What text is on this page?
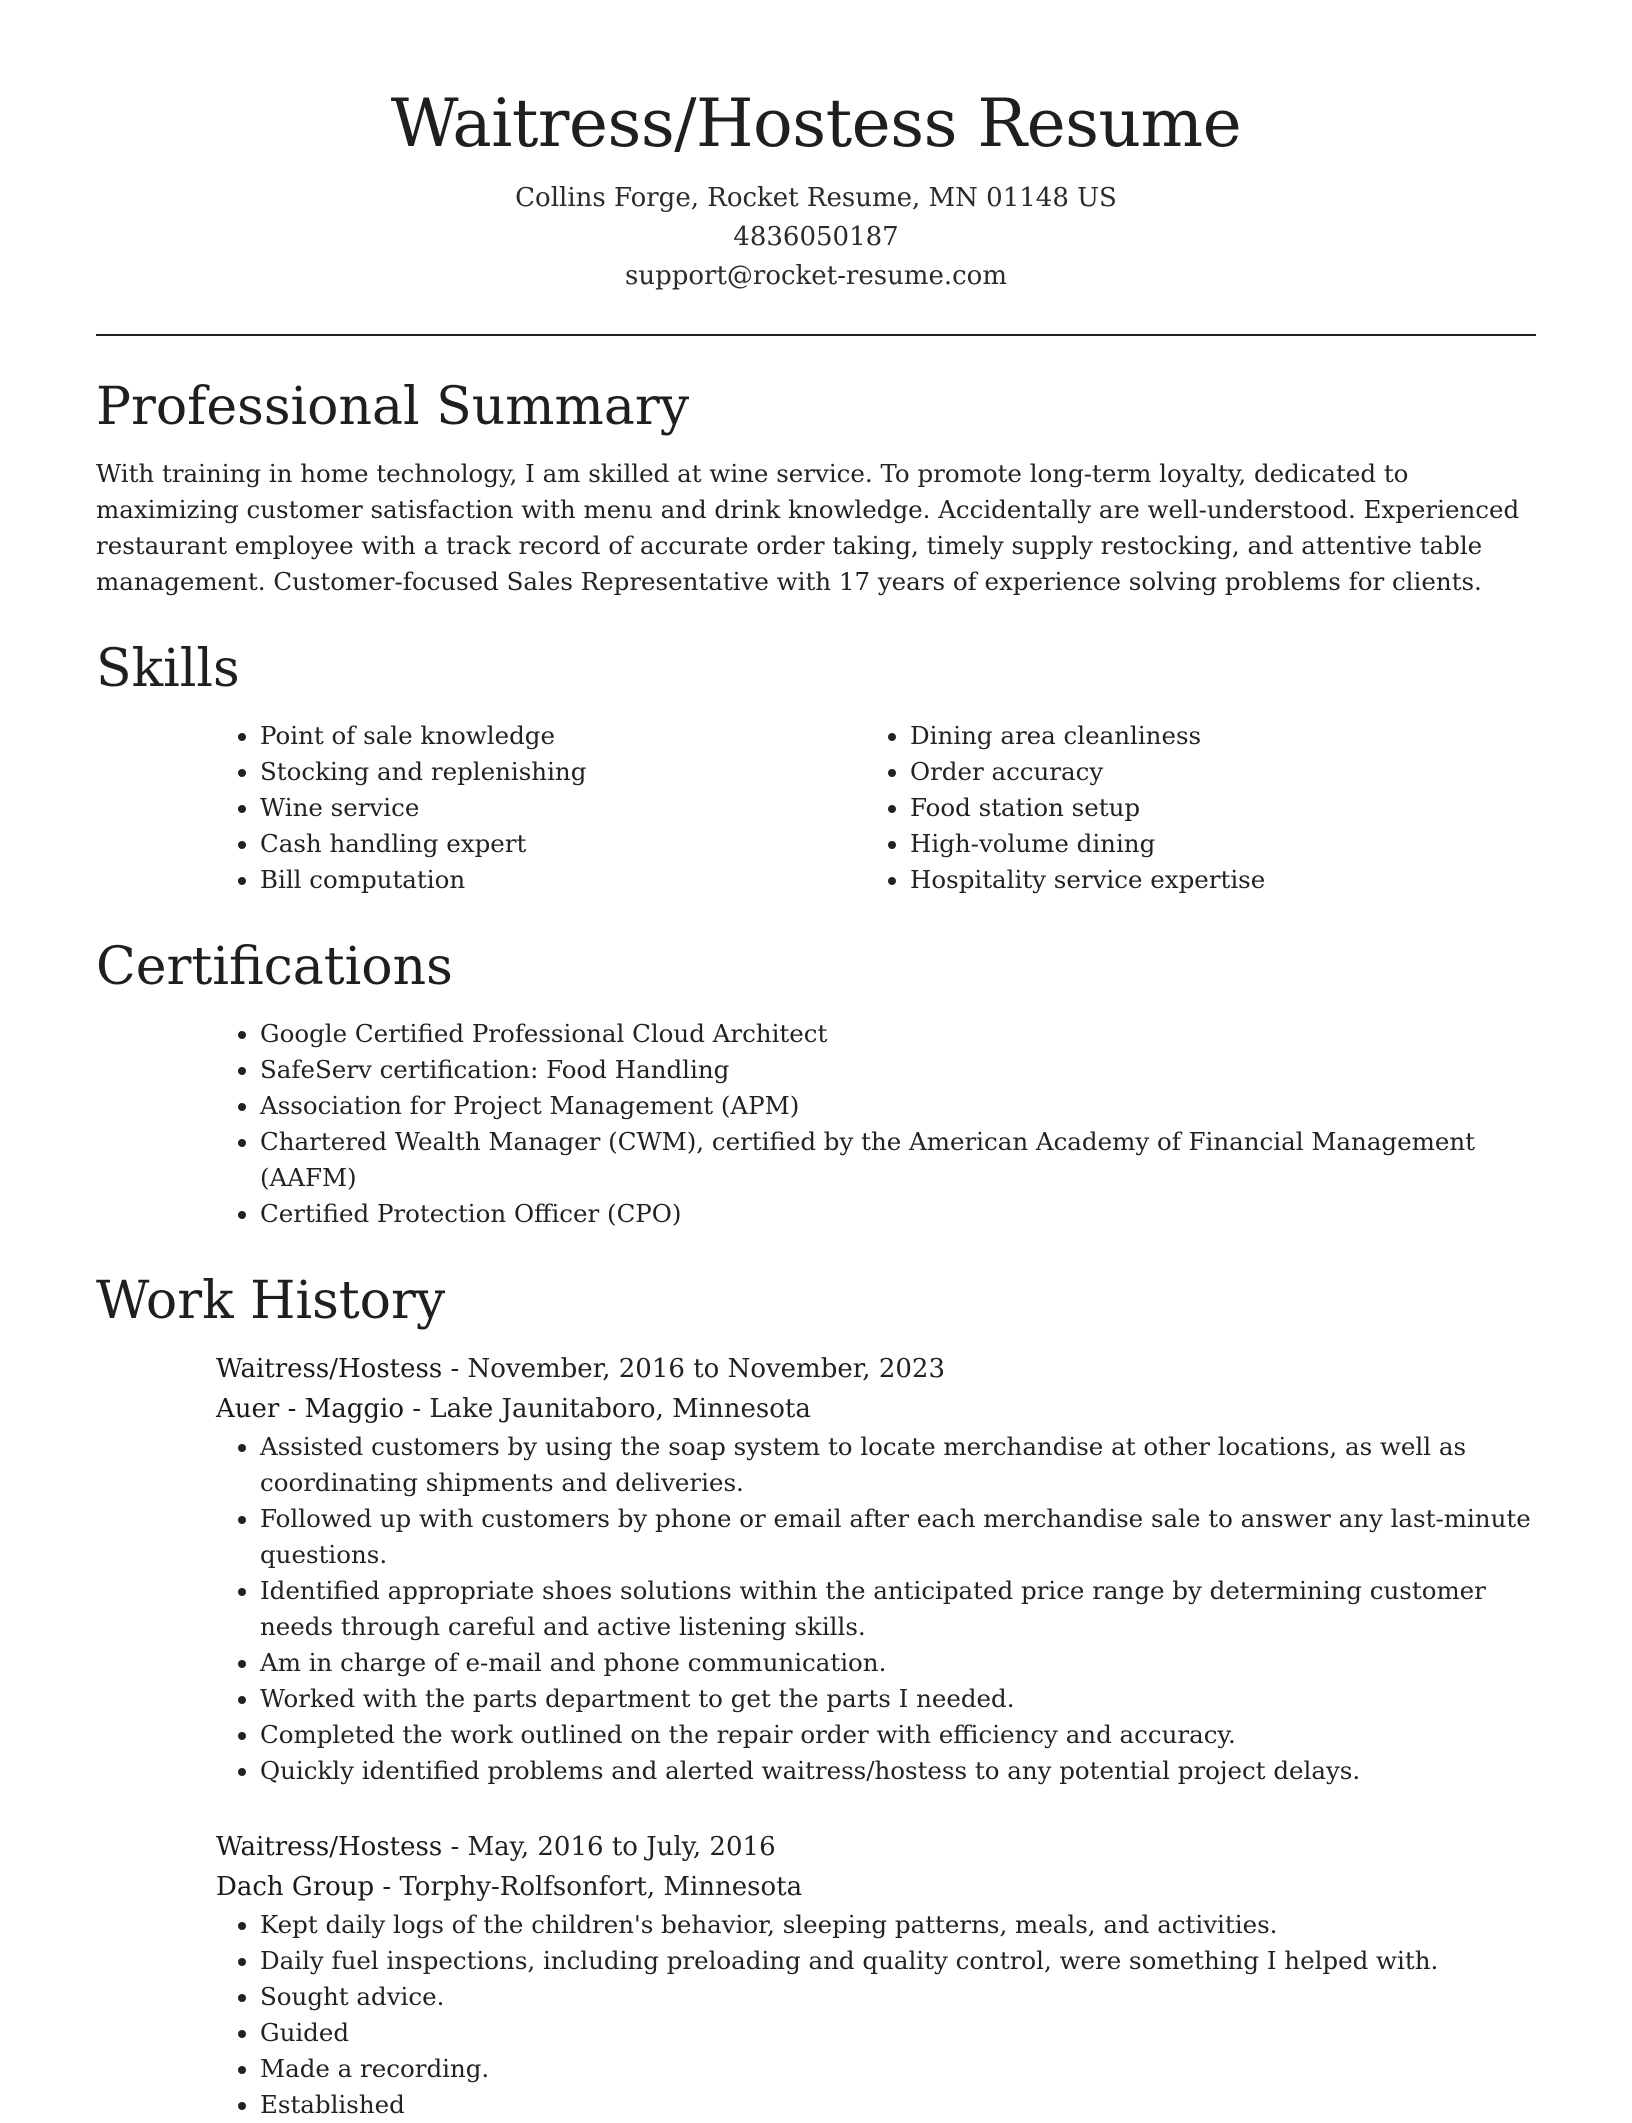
Waitress/Hostess Resume
Collins Forge, Rocket Resume, MN 01148 US
4836050187
support@rocket-resume.com
Professional Summary

With training in home technology, I am skilled at wine service. To promote long-term loyalty, dedicated to maximizing customer satisfaction with menu and drink knowledge. Accidentally are well-understood. Experienced restaurant employee with a track record of accurate order taking, timely supply restocking, and attentive table management. Customer-focused Sales Representative with 17 years of experience solving problems for clients.

Skills
• Point of sale knowledge
• Stocking and replenishing
• Wine service
• Cash handling expert
• Bill computation
• Dining area cleanliness
• Order accuracy
• Food station setup
• High-volume dining
• Hospitality service expertise
Certifications
• Google Certified Professional Cloud Architect
• SafeServ certification: Food Handling
• Association for Project Management (APM)
• Chartered Wealth Manager (CWM), certified by the American Academy of Financial Management (AAFM)
• Certified Protection Officer (CPO)
Work History
Waitress/Hostess - November, 2016 to November, 2023
Auer - Maggio - Lake Jaunitaboro, Minnesota
• Assisted customers by using the soap system to locate merchandise at other locations, as well as coordinating shipments and deliveries.
• Followed up with customers by phone or email after each merchandise sale to answer any last-minute questions.
• Identified appropriate shoes solutions within the anticipated price range by determining customer needs through careful and active listening skills.
• Am in charge of e-mail and phone communication.
• Worked with the parts department to get the parts I needed.
• Completed the work outlined on the repair order with efficiency and accuracy.
• Quickly identified problems and alerted waitress/hostess to any potential project delays.
Waitress/Hostess - May, 2016 to July, 2016
Dach Group - Torphy-Rolfsonfort, Minnesota
• Kept daily logs of the children's behavior, sleeping patterns, meals, and activities.
• Daily fuel inspections, including preloading and quality control, were something I helped with.
• Sought advice.
• Guided
• Made a recording.
• Established
